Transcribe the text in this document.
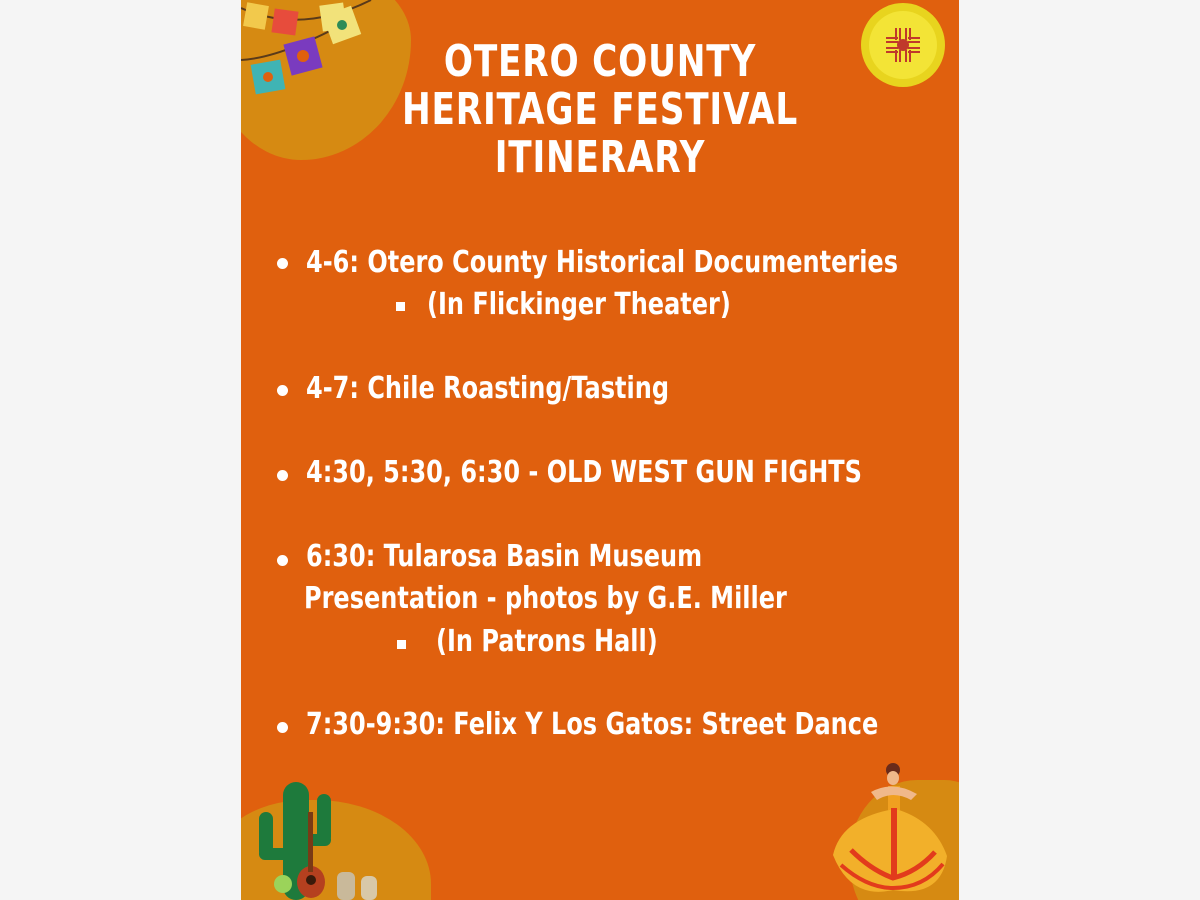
OTERO COUNTY
HERITAGE FESTIVAL
ITINERARY
4-6: Otero County Historical Documenteries
(In Flickinger Theater)
4-7: Chile Roasting/Tasting
4:30, 5:30, 6:30 - OLD WEST GUN FIGHTS
6:30: Tularosa Basin Museum
Presentation - photos by G.E. Miller
(In Patrons Hall)
7:30-9:30: Felix Y Los Gatos: Street Dance
